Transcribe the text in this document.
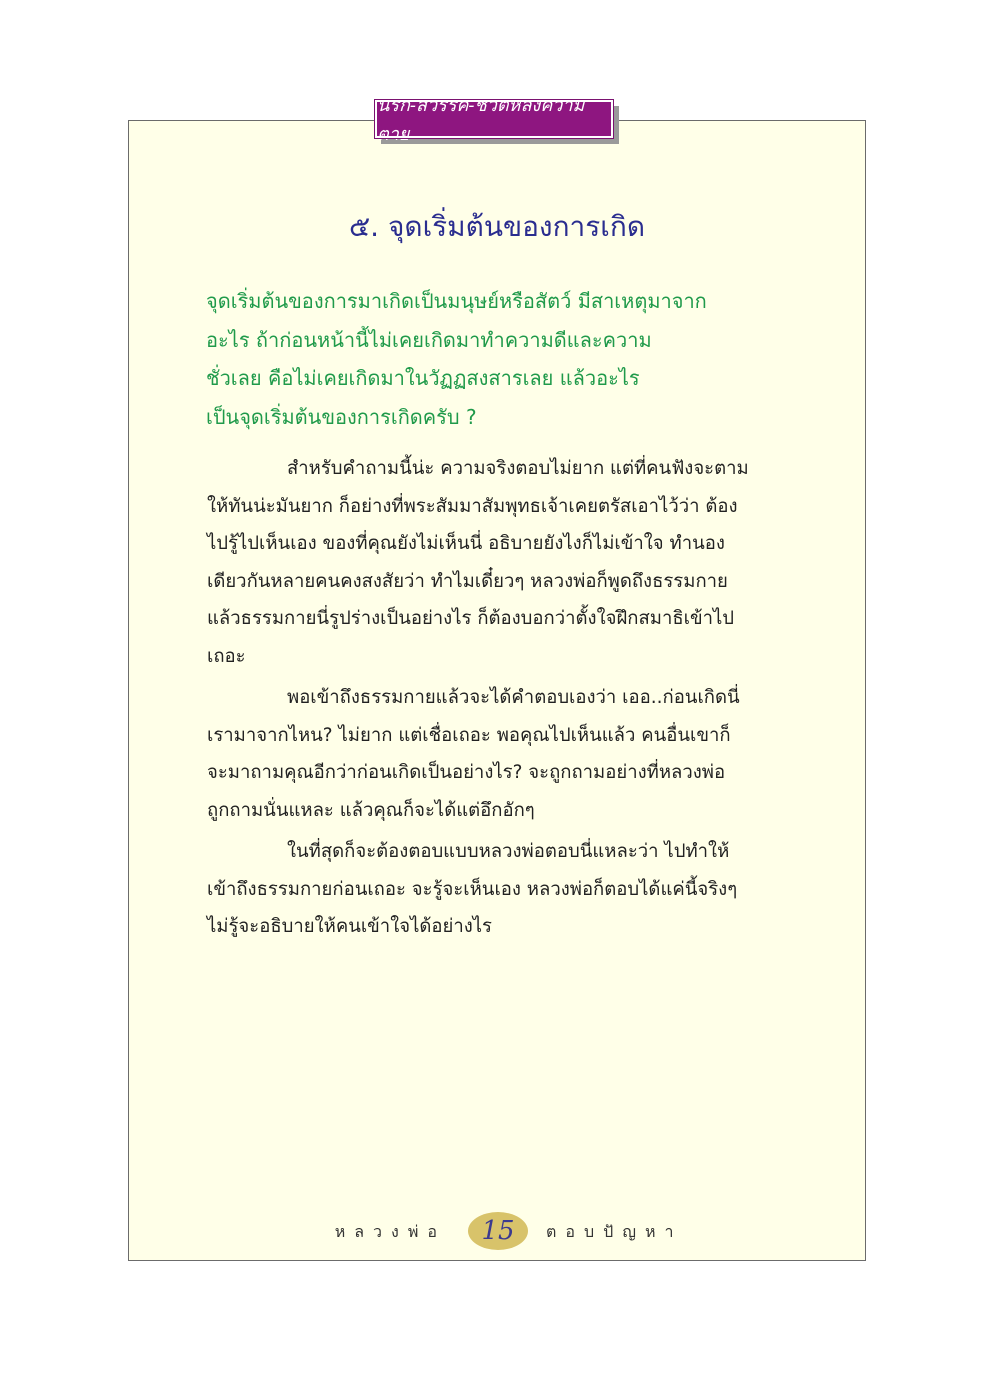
นรก-สวรรค์-ชีวิตหลังความตาย
๕. จุดเริ่มต้นของการเกิด
จุดเริ่มต้นของการมาเกิดเป็นมนุษย์หรือสัตว์ มีสาเหตุมาจาก
อะไร ถ้าก่อนหน้านี้ไม่เคยเกิดมาทำความดีและความ
ชั่วเลย คือไม่เคยเกิดมาในวัฏฏสงสารเลย แล้วอะไร
เป็นจุดเริ่มต้นของการเกิดครับ ?

สำหรับคำถามนี้น่ะ ความจริงตอบไม่ยาก แต่ที่คนฟังจะตาม
ให้ทันน่ะมันยาก ก็อย่างที่พระสัมมาสัมพุทธเจ้าเคยตรัสเอาไว้ว่า ต้อง
ไปรู้ไปเห็นเอง ของที่คุณยังไม่เห็นนี่ อธิบายยังไงก็ไม่เข้าใจ ทำนอง
เดียวกันหลายคนคงสงสัยว่า ทำไมเดี๋ยวๆ หลวงพ่อก็พูดถึงธรรมกาย
แล้วธรรมกายนี่รูปร่างเป็นอย่างไร ก็ต้องบอกว่าตั้งใจฝึกสมาธิเข้าไป
เถอะ

พอเข้าถึงธรรมกายแล้วจะได้คำตอบเองว่า เออ..ก่อนเกิดนี่
เรามาจากไหน? ไม่ยาก แต่เชื่อเถอะ พอคุณไปเห็นแล้ว คนอื่นเขาก็
จะมาถามคุณอีกว่าก่อนเกิดเป็นอย่างไร? จะถูกถามอย่างที่หลวงพ่อ
ถูกถามนั่นแหละ แล้วคุณก็จะได้แต่อึกอักๆ

ในที่สุดก็จะต้องตอบแบบหลวงพ่อตอบนี่แหละว่า ไปทำให้
เข้าถึงธรรมกายก่อนเถอะ จะรู้จะเห็นเอง หลวงพ่อก็ตอบได้แค่นี้จริงๆ
ไม่รู้จะอธิบายให้คนเข้าใจได้อย่างไร

หลวงพ่อ 15 ตอบปัญหา
